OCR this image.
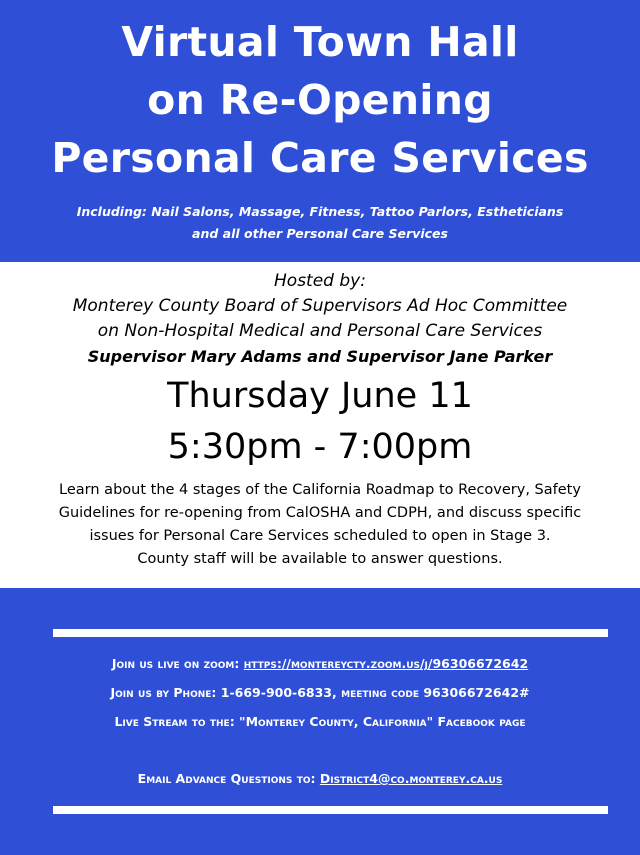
Virtual Town Hall
on Re-Opening
Personal Care Services
Including: Nail Salons, Massage, Fitness, Tattoo Parlors, Estheticians
and all other Personal Care Services
Hosted by:
Monterey County Board of Supervisors Ad Hoc Committee
on Non-Hospital Medical and Personal Care Services
Supervisor Mary Adams and Supervisor Jane Parker
Thursday June 11
5:30pm - 7:00pm
Learn about the 4 stages of the California Roadmap to Recovery, Safety
Guidelines for re-opening from CalOSHA and CDPH, and discuss specific
issues for Personal Care Services scheduled to open in Stage 3.
County staff will be available to answer questions.
Join us live on zoom: https://montereycty.zoom.us/j/96306672642
Join us by Phone: 1-669-900-6833, meeting code 96306672642#
Live Stream to the: "Monterey County, California" Facebook page
Email Advance Questions to: District4@co.monterey.ca.us
